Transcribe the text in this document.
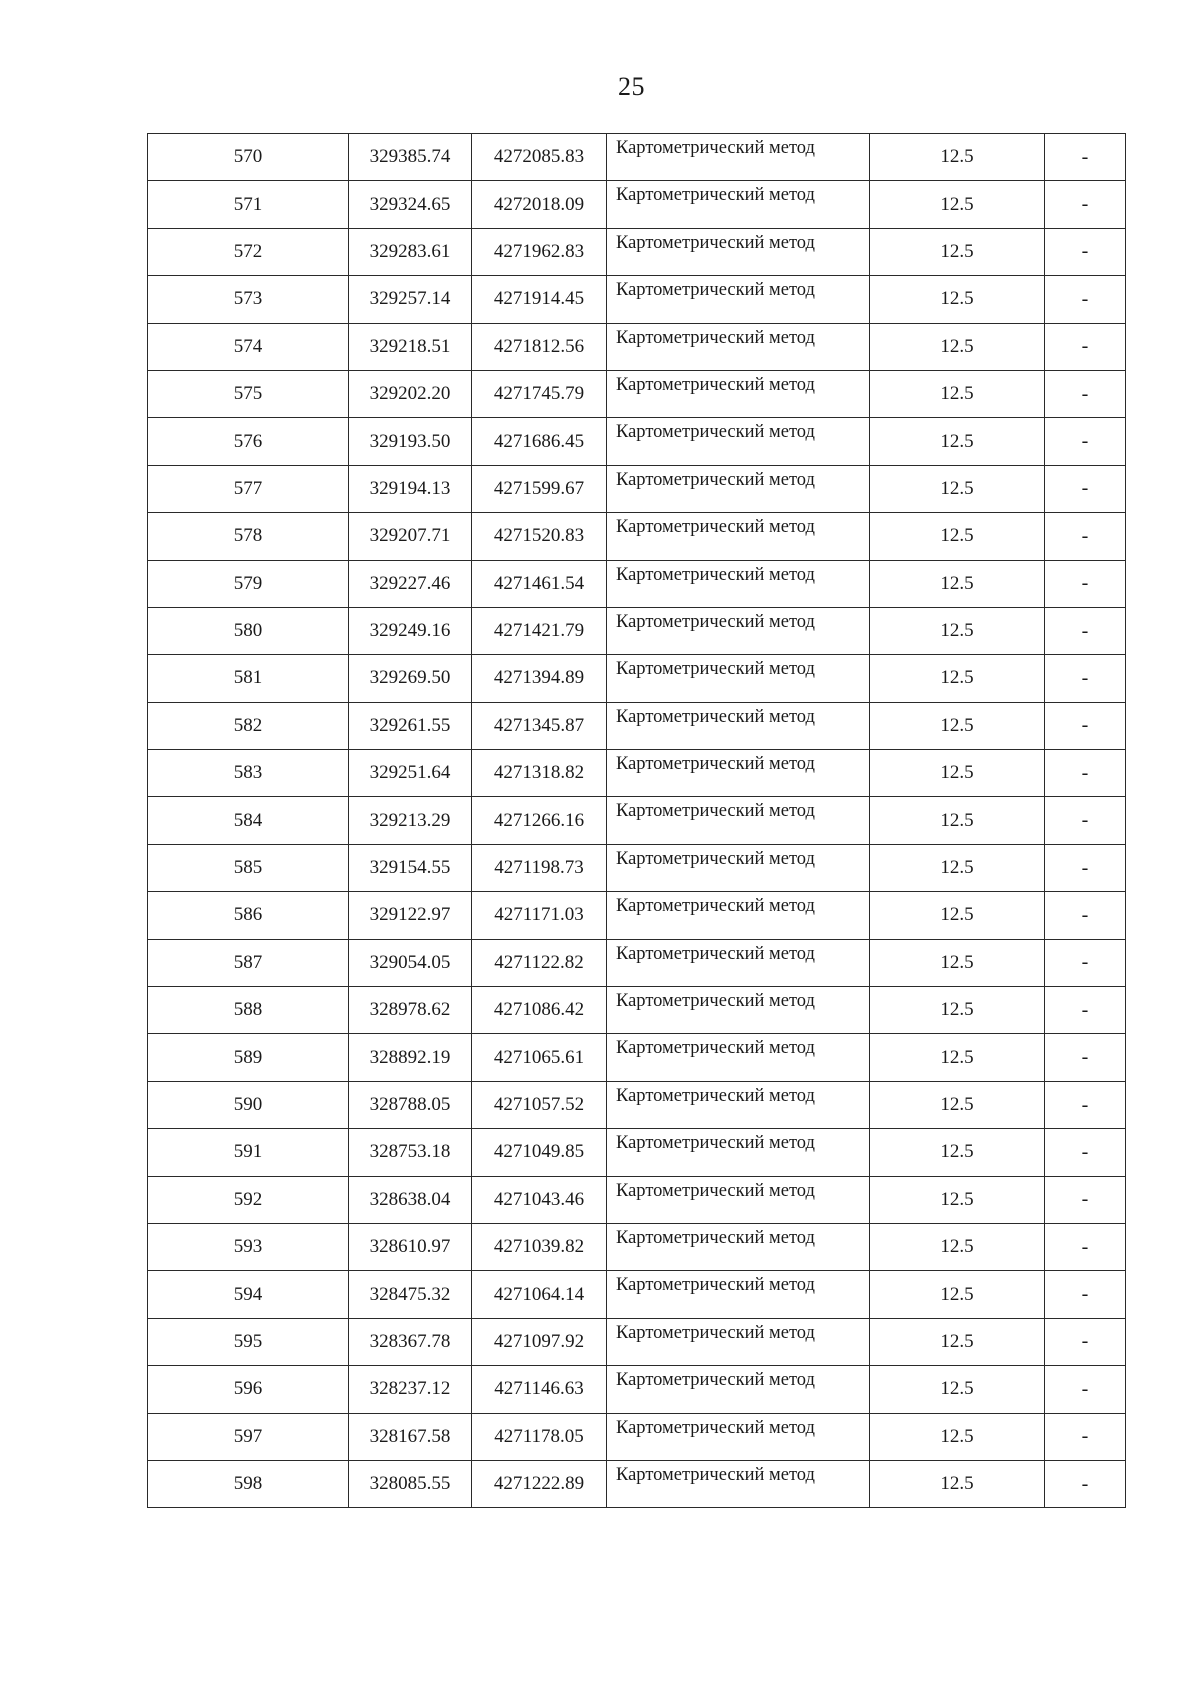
25
570	329385.74	4272085.83	Картометрический метод	12.5	-
571	329324.65	4272018.09	Картометрический метод	12.5	-
572	329283.61	4271962.83	Картометрический метод	12.5	-
573	329257.14	4271914.45	Картометрический метод	12.5	-
574	329218.51	4271812.56	Картометрический метод	12.5	-
575	329202.20	4271745.79	Картометрический метод	12.5	-
576	329193.50	4271686.45	Картометрический метод	12.5	-
577	329194.13	4271599.67	Картометрический метод	12.5	-
578	329207.71	4271520.83	Картометрический метод	12.5	-
579	329227.46	4271461.54	Картометрический метод	12.5	-
580	329249.16	4271421.79	Картометрический метод	12.5	-
581	329269.50	4271394.89	Картометрический метод	12.5	-
582	329261.55	4271345.87	Картометрический метод	12.5	-
583	329251.64	4271318.82	Картометрический метод	12.5	-
584	329213.29	4271266.16	Картометрический метод	12.5	-
585	329154.55	4271198.73	Картометрический метод	12.5	-
586	329122.97	4271171.03	Картометрический метод	12.5	-
587	329054.05	4271122.82	Картометрический метод	12.5	-
588	328978.62	4271086.42	Картометрический метод	12.5	-
589	328892.19	4271065.61	Картометрический метод	12.5	-
590	328788.05	4271057.52	Картометрический метод	12.5	-
591	328753.18	4271049.85	Картометрический метод	12.5	-
592	328638.04	4271043.46	Картометрический метод	12.5	-
593	328610.97	4271039.82	Картометрический метод	12.5	-
594	328475.32	4271064.14	Картометрический метод	12.5	-
595	328367.78	4271097.92	Картометрический метод	12.5	-
596	328237.12	4271146.63	Картометрический метод	12.5	-
597	328167.58	4271178.05	Картометрический метод	12.5	-
598	328085.55	4271222.89	Картометрический метод	12.5	-
